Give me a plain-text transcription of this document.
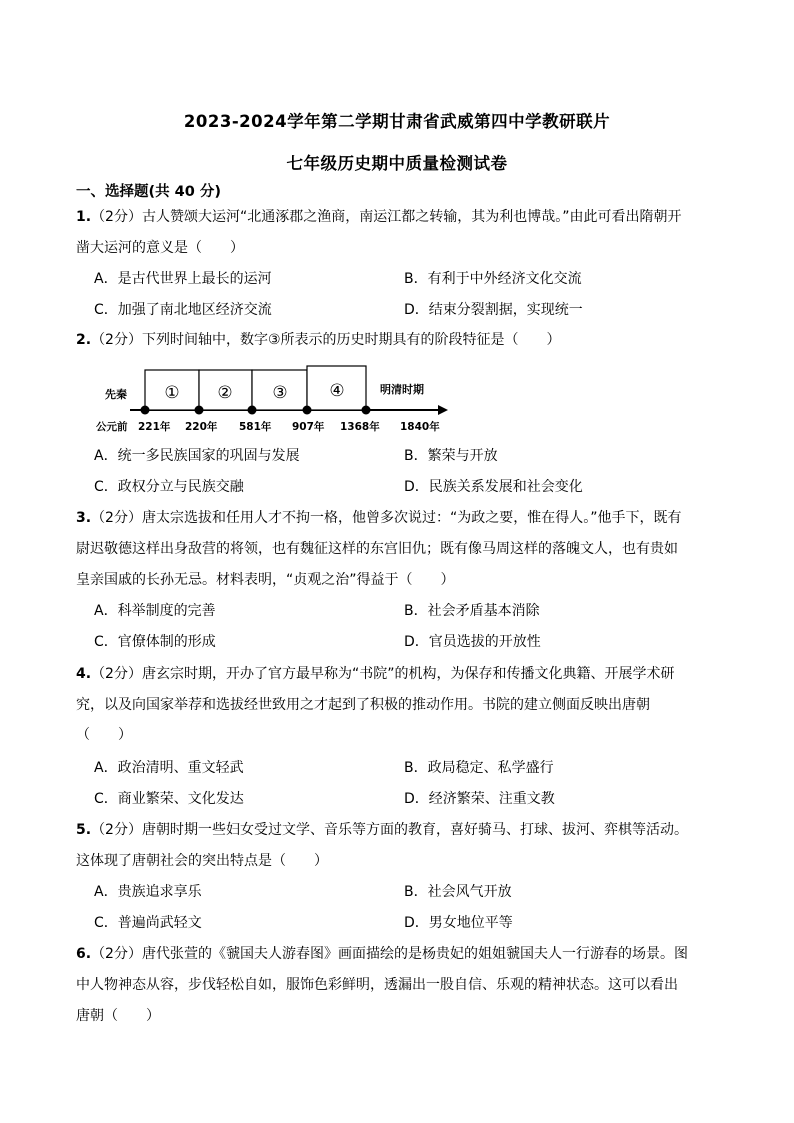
2023-2024学年第二学期甘肃省武威第四中学教研联片
七年级历史期中质量检测试卷
一、选择题(共 40 分)
1.（2分）古人赞颂大运河“北通涿郡之渔商，南运江都之转输，其为利也博哉。”由此可看出隋朝开
凿大运河的意义是（　　）
A．是古代世界上最长的运河	B．有利于中外经济文化交流
C．加强了南北地区经济交流	D．结束分裂割据，实现统一
2.（2分）下列时间轴中，数字③所表示的历史时期具有的阶段特征是（　　）
先秦	明清时期
① ② ③ ④
公元前 221年 220年 581年 907年 1368年 1840年
A．统一多民族国家的巩固与发展	B．繁荣与开放
C．政权分立与民族交融	D．民族关系发展和社会变化
3.（2分）唐太宗选拔和任用人才不拘一格，他曾多次说过：“为政之要，惟在得人。”他手下，既有
尉迟敬德这样出身敌营的将领，也有魏征这样的东宫旧仇；既有像马周这样的落魄文人，也有贵如
皇亲国戚的长孙无忌。材料表明，“贞观之治”得益于（　　）
A．科举制度的完善	B．社会矛盾基本消除
C．官僚体制的形成	D．官员选拔的开放性
4.（2分）唐玄宗时期，开办了官方最早称为“书院”的机构，为保存和传播文化典籍、开展学术研
究，以及向国家举荐和选拔经世致用之才起到了积极的推动作用。书院的建立侧面反映出唐朝
（　　）
A．政治清明、重文轻武	B．政局稳定、私学盛行
C．商业繁荣、文化发达	D．经济繁荣、注重文教
5.（2分）唐朝时期一些妇女受过文学、音乐等方面的教育，喜好骑马、打球、拔河、弈棋等活动。
这体现了唐朝社会的突出特点是（　　）
A．贵族追求享乐	B．社会风气开放
C．普遍尚武轻文	D．男女地位平等
6.（2分）唐代张萱的《虢国夫人游春图》画面描绘的是杨贵妃的姐姐虢国夫人一行游春的场景。图
中人物神态从容，步伐轻松自如，服饰色彩鲜明，透漏出一股自信、乐观的精神状态。这可以看出
唐朝（　　）
